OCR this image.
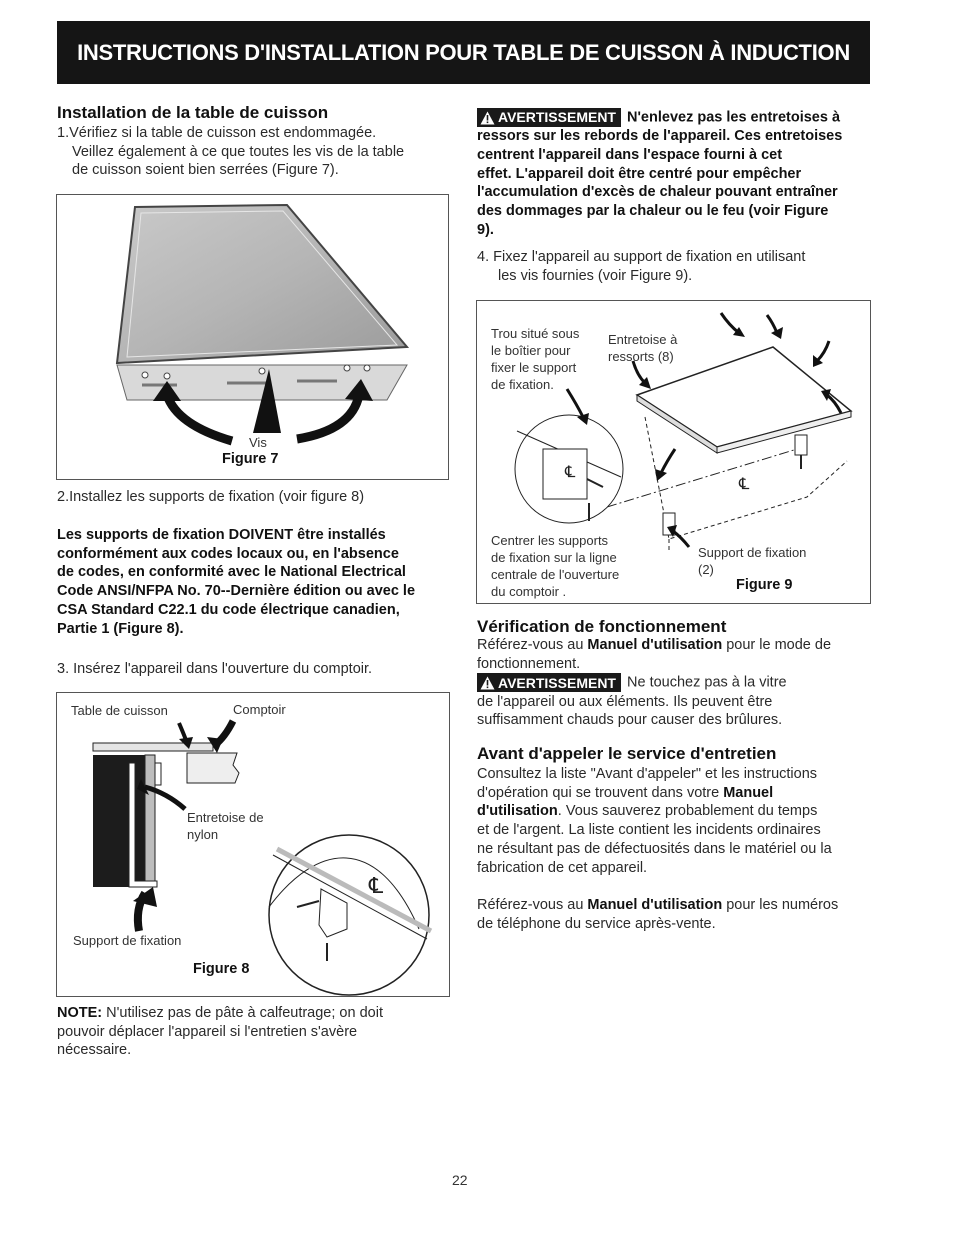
INSTRUCTIONS D'INSTALLATION POUR TABLE DE CUISSON À INDUCTION
Installation de la table de cuisson
1.Vérifiez si la table de cuisson est endommagée.
Veillez également à ce que toutes les vis de la table
de cuisson soient bien serrées (Figure 7).
Vis
Figure 7
2.Installez les supports de fixation (voir figure 8)
Les supports de fixation DOIVENT être installés
conformément aux codes locaux ou, en l'absence
de codes, en conformité avec le National Electrical
Code ANSI/NFPA No. 70--Dernière édition ou avec le
CSA Standard C22.1 du code électrique canadien,
Partie 1 (Figure 8).
3. Insérez l'appareil dans l'ouverture du comptoir.
℄
Table de cuisson	Comptoir
Entretoise de
nylon
Support de fixation
Figure 8
NOTE: N'utilisez pas de pâte à calfeutrage; on doit
pouvoir déplacer l'appareil si l'entretien s'avère
nécessaire.
AVERTISSEMENT N'enlevez pas les entretoises à
ressors sur les rebords de l'appareil. Ces entretoises
centrent l'appareil dans l'espace fourni à cet
effet. L'appareil doit être centré pour empêcher
l'accumulation d'excès de chaleur pouvant entraîner
des dommages par la chaleur ou le feu (voir Figure
9).
4. Fixez l'appareil au support de fixation en utilisant
les vis fournies (voir Figure 9).
℄
℄
Trou situé sous
le boîtier pour
fixer le support
de fixation.
Entretoise à
ressorts (8)
Centrer les supports
de fixation sur la ligne
centrale de l'ouverture
du comptoir .
Support de fixation
(2)
Figure 9
Vérification de fonctionnement
Référez-vous au Manuel d'utilisation pour le mode de
fonctionnement.
AVERTISSEMENT Ne touchez pas à la vitre
de l'appareil ou aux éléments. Ils peuvent être
suffisamment chauds pour causer des brûlures.
Avant d'appeler le service d'entretien
Consultez la liste "Avant d'appeler" et les instructions
d'opération qui se trouvent dans votre Manuel
d'utilisation. Vous sauverez probablement du temps
et de l'argent. La liste contient les incidents ordinaires
ne résultant pas de défectuosités dans le matériel ou la
fabrication de cet appareil.
Référez-vous au Manuel d'utilisation pour les numéros
de téléphone du service après-vente.
22
